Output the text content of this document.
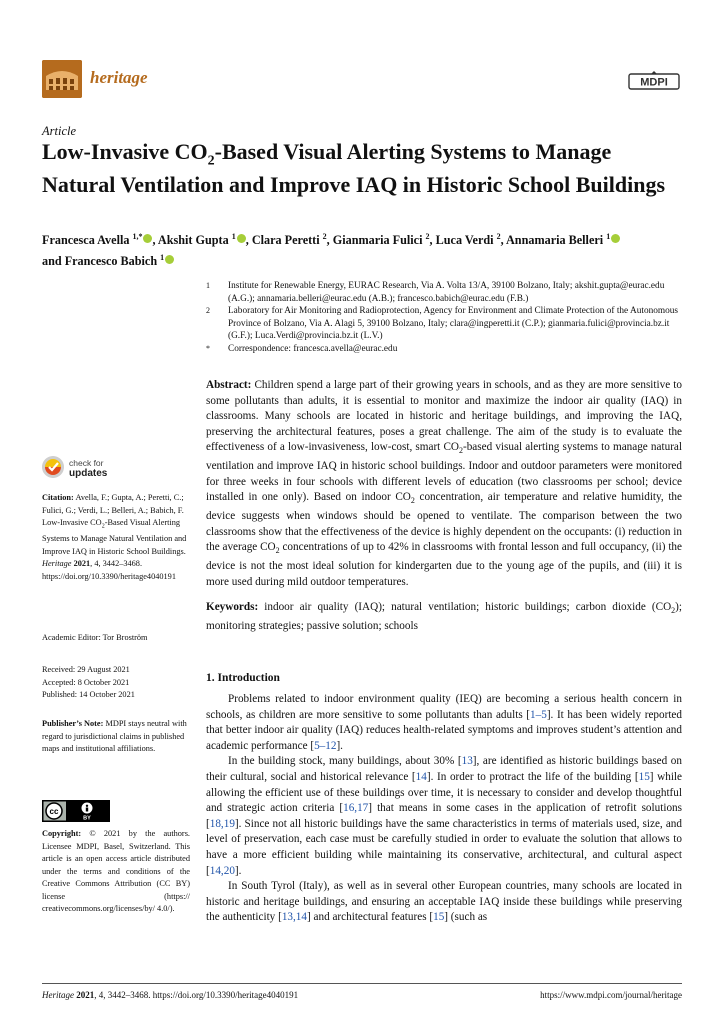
heritage	MDPI
Article
Low-Invasive $CO_2$-Based Visual Alerting Systems to Manage Natural Ventilation and Improve IAQ in Historic School Buildings
Francesca Avella $^{1,*}$ , Akshit Gupta $^1$ , Clara Peretti $^2$, Gianmaria Fulici $^2$, Luca Verdi $^2$, Annamaria Belleri $^1$
and Francesco Babich $^1$
1 Institute for Renewable Energy, EURAC Research, Via A. Volta 13/A, 39100 Bolzano, Italy; akshit.gupta@eurac.edu (A.G.); annamaria.belleri@eurac.edu (A.B.); francesco.babich@eurac.edu (F.B.)
2 Laboratory for Air Monitoring and Radioprotection, Agency for Environment and Climate Protection of the Autonomous Province of Bolzano, Via A. Alagi 5, 39100 Bolzano, Italy; clara@ingperetti.it (C.P.); gianmaria.fulici@provincia.bz.it (G.F.); Luca.Verdi@provincia.bz.it (L.V.)
* Correspondence: francesca.avella@eurac.edu
Abstract: Children spend a large part of their growing years in schools, and as they are more sensitive to some pollutants than adults, it is essential to monitor and maximize the indoor air quality (IAQ) in classrooms. Many schools are located in historic and heritage buildings, and improving the IAQ, preserving the architectural features, poses a great challenge. The aim of the study is to evaluate the effectiveness of a low-invasiveness, low-cost, smart $CO_2$-based visual alerting systems to manage natural ventilation and improve IAQ in historic school buildings. Indoor and outdoor parameters were monitored for three weeks in four schools with different levels of education (two classrooms per school; device installed in one only). Based on indoor $CO_2$ concentration, air temperature and relative humidity, the device suggests when windows should be opened to ventilate. The comparison between the two classrooms show that the effectiveness of the device is highly dependent on the occupants: (i) reduction in the average $CO_2$ concentrations of up to 42% in classrooms with frontal lesson and full occupancy, (ii) the device is not the most ideal solution for kindergarten due to the young age of the pupils, and (iii) it is more used during mild outdoor temperatures.
Keywords: indoor air quality (IAQ); natural ventilation; historic buildings; carbon dioxide $(CO_2)$; monitoring strategies; passive solution; schools
check for
updates
Citation: Avella, F.; Gupta, A.; Peretti, C.; Fulici, G.; Verdi, L.; Belleri, A.; Babich, F. Low-Invasive $CO_2$-Based Visual Alerting Systems to Manage Natural Ventilation and Improve IAQ in Historic School Buildings. Heritage 2021, 4, 3442–3468. https://doi.org/10.3390/heritage4040191
Academic Editor: Tor Broström
Received: 29 August 2021
Accepted: 8 October 2021
Published: 14 October 2021
Publisher’s Note: MDPI stays neutral with regard to jurisdictional claims in published maps and institutional affiliations.
cc
BY
Copyright: © 2021 by the authors. Licensee MDPI, Basel, Switzerland. This article is an open access article distributed under the terms and conditions of the Creative Commons Attribution (CC BY) license (https:// creativecommons.org/licenses/by/ 4.0/).
1. Introduction

Problems related to indoor environment quality (IEQ) are becoming a serious health concern in schools, as children are more sensitive to some pollutants than adults [1–5]. It has been widely reported that better indoor air quality (IAQ) reduces health-related symptoms and improves student’s attention and academic performance [5–12].

In the building stock, many buildings, about 30% [13], are identified as historic buildings based on their cultural, social and historical relevance [14]. In order to protract the life of the building [15] while allowing the efficient use of these buildings over time, it is necessary to consider and develop thoughtful and strategic action criteria [16,17] that means in some cases in the application of retrofit solutions [18,19]. Since not all historic buildings have the same characteristics in terms of materials used, size, and level of preservation, each case must be carefully studied in order to evaluate the solution that allows to have a more efficient building while maintaining its conservative, architectural, and cultural aspect [14,20].

In South Tyrol (Italy), as well as in several other European countries, many schools are located in historic and heritage buildings, and ensuring an acceptable IAQ inside these buildings while preserving the authenticity [13,14] and architectural features [15] (such as

Heritage 2021, 4, 3442–3468. https://doi.org/10.3390/heritage4040191	https://www.mdpi.com/journal/heritage
